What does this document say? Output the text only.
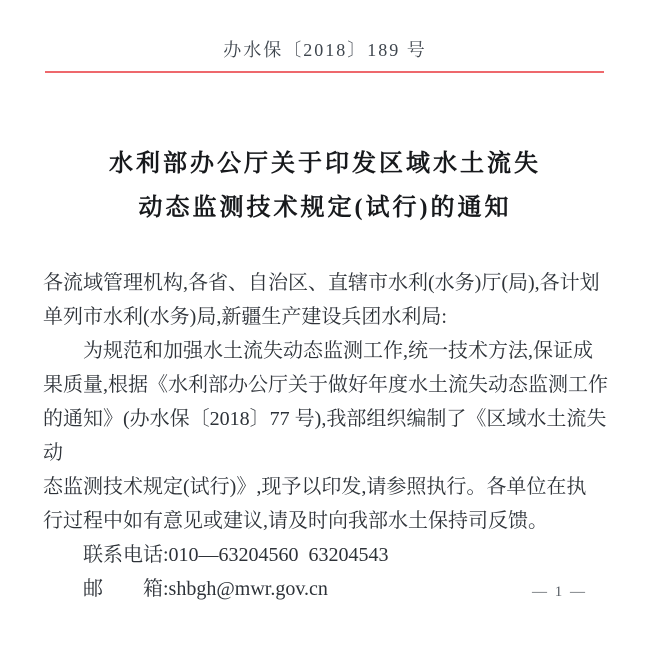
办水保〔2018〕189 号
水利部办公厅关于印发区域水土流失
动态监测技术规定(试行)的通知
各流域管理机构,各省、自治区、直辖市水利(水务)厅(局),各计划
单列市水利(水务)局,新疆生产建设兵团水利局:
为规范和加强水土流失动态监测工作,统一技术方法,保证成
果质量,根据《水利部办公厅关于做好年度水土流失动态监测工作
的通知》(办水保〔2018〕77 号),我部组织编制了《区域水土流失动
态监测技术规定(试行)》,现予以印发,请参照执行。各单位在执
行过程中如有意见或建议,请及时向我部水土保持司反馈。
联系电话:010—63204560  63204543
邮　　箱:shbgh@mwr.gov.cn	— 1 —
